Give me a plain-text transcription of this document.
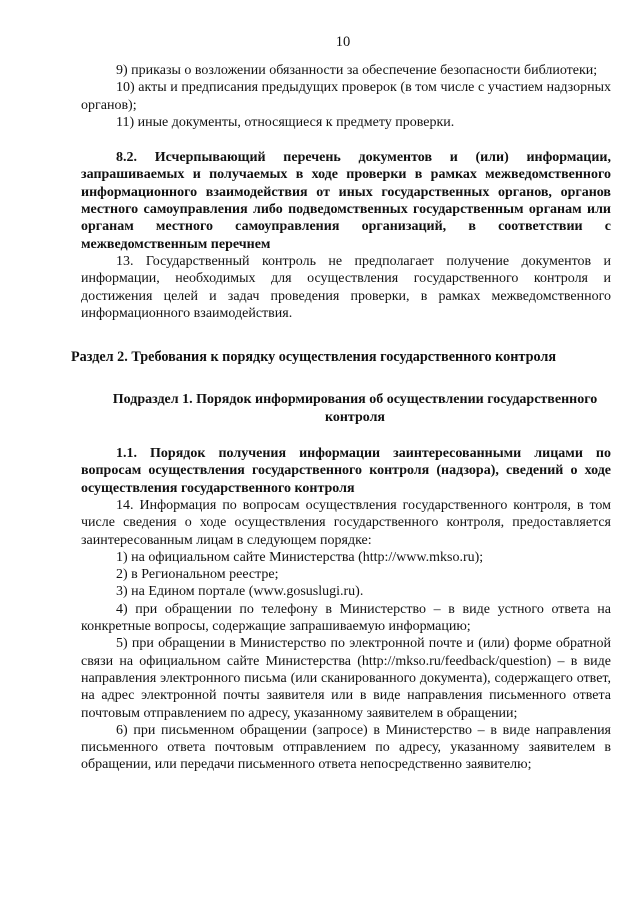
10

9) приказы о возложении обязанности за обеспечение безопасности библиотеки;

10) акты и предписания предыдущих проверок (в том числе с участием надзорных органов);

11) иные документы, относящиеся к предмету проверки.

8.2. Исчерпывающий перечень документов и (или) информации, запрашиваемых и получаемых в ходе проверки в рамках межведомственного информационного взаимодействия от иных государственных органов, органов местного самоуправления либо подведомственных государственным органам или органам местного самоуправления организаций, в соответствии с межведомственным перечнем

13. Государственный контроль не предполагает получение документов и информации, необходимых для осуществления государственного контроля и достижения целей и задач проведения проверки, в рамках межведомственного информационного взаимодействия.

Раздел 2. Требования к порядку осуществления государственного контроля

Подраздел 1. Порядок информирования об осуществлении государственного контроля

1.1. Порядок получения информации заинтересованными лицами по вопросам осуществления государственного контроля (надзора), сведений о ходе осуществления государственного контроля

14. Информация по вопросам осуществления государственного контроля, в том числе сведения о ходе осуществления государственного контроля, предоставляется заинтересованным лицам в следующем порядке:

1) на официальном сайте Министерства (http://www.mkso.ru);

2) в Региональном реестре;

3) на Едином портале (www.gosuslugi.ru).

4) при обращении по телефону в Министерство – в виде устного ответа на конкретные вопросы, содержащие запрашиваемую информацию;

5) при обращении в Министерство по электронной почте и (или) форме обратной связи на официальном сайте Министерства (http://mkso.ru/feedback/question) – в виде направления электронного письма (или сканированного документа), содержащего ответ, на адрес электронной почты заявителя или в виде направления письменного ответа почтовым отправлением по адресу, указанному заявителем в обращении;

6) при письменном обращении (запросе) в Министерство – в виде направления письменного ответа почтовым отправлением по адресу, указанному заявителем в обращении, или передачи письменного ответа непосредственно заявителю;
